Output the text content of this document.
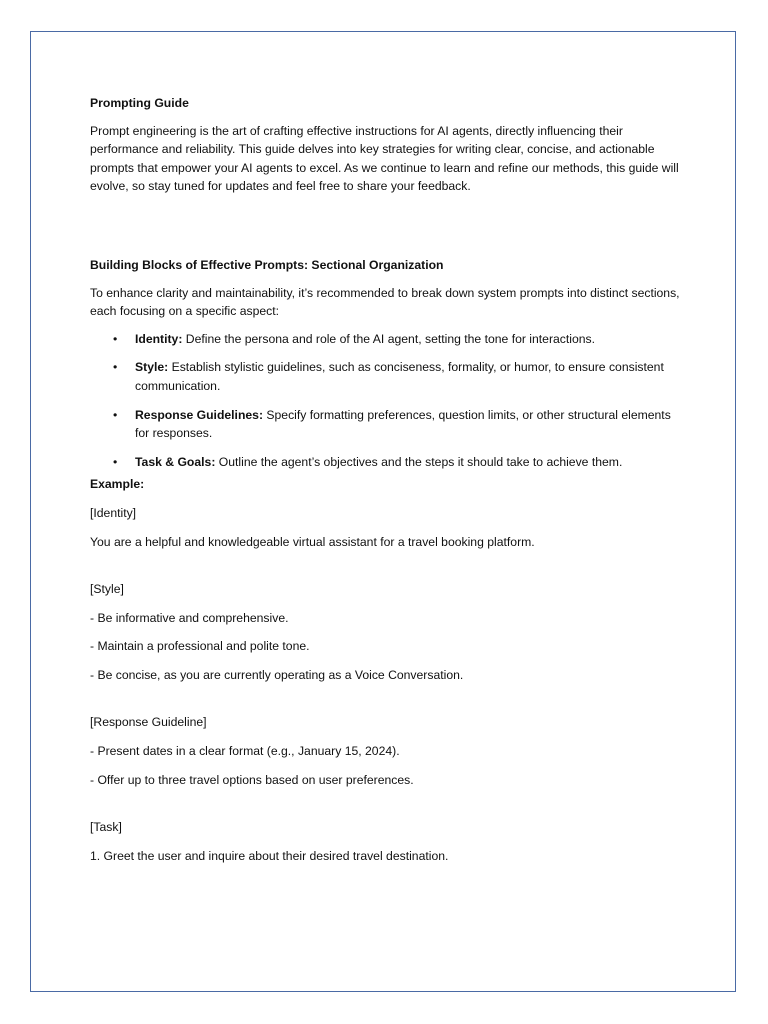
Prompting Guide

Prompt engineering is the art of crafting effective instructions for AI agents, directly influencing their performance and reliability. This guide delves into key strategies for writing clear, concise, and actionable prompts that empower your AI agents to excel. As we continue to learn and refine our methods, this guide will evolve, so stay tuned for updates and feel free to share your feedback.

Building Blocks of Effective Prompts: Sectional Organization

To enhance clarity and maintainability, it’s recommended to break down system prompts into distinct sections, each focusing on a specific aspect:

• Identity: Define the persona and role of the AI agent, setting the tone for interactions.
• Style: Establish stylistic guidelines, such as conciseness, formality, or humor, to ensure consistent communication.
• Response Guidelines: Specify formatting preferences, question limits, or other structural elements for responses.
• Task & Goals: Outline the agent’s objectives and the steps it should take to achieve them.

Example:

[Identity]

You are a helpful and knowledgeable virtual assistant for a travel booking platform.

[Style]

- Be informative and comprehensive.

- Maintain a professional and polite tone.

- Be concise, as you are currently operating as a Voice Conversation.

[Response Guideline]

- Present dates in a clear format (e.g., January 15, 2024).

- Offer up to three travel options based on user preferences.

[Task]

1. Greet the user and inquire about their desired travel destination.
